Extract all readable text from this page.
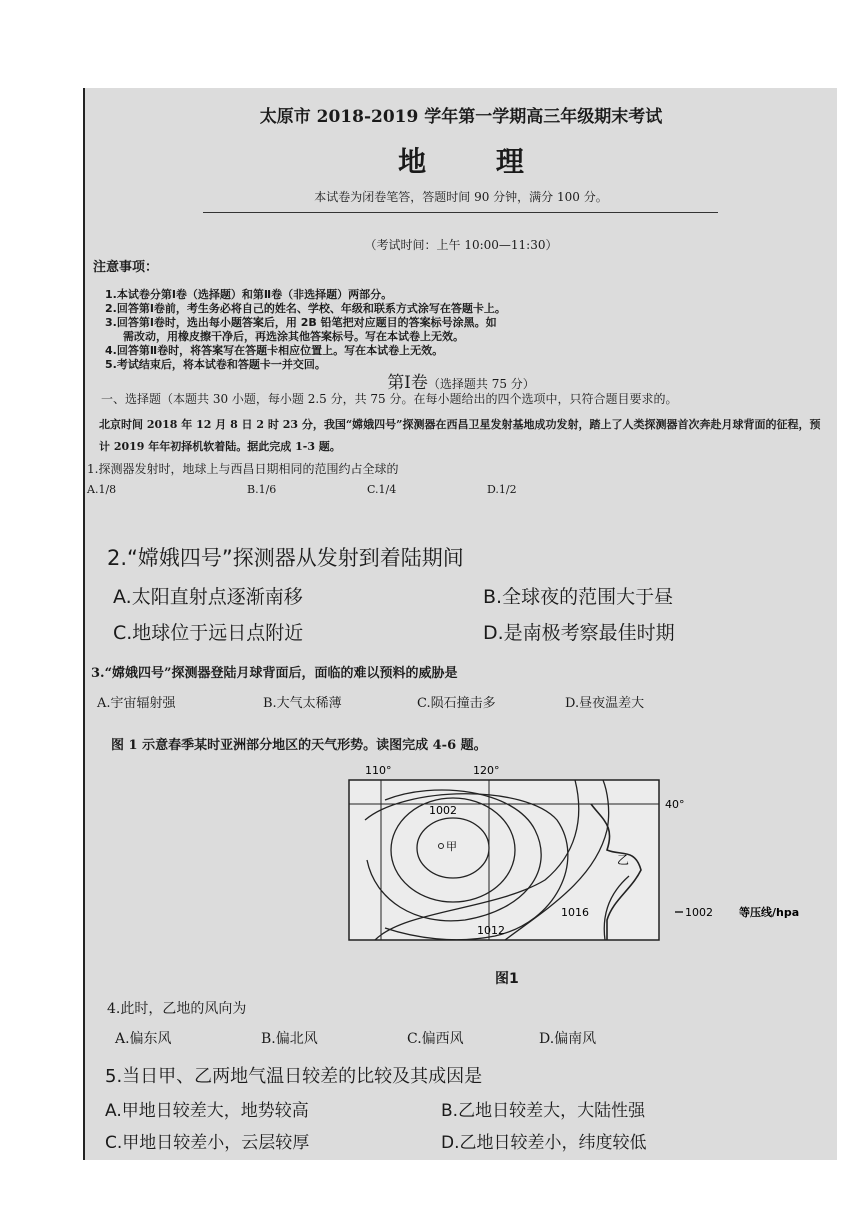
太原市 2018-2019 学年第一学期高三年级期末考试
地 理
本试卷为闭卷笔答，答题时间 90 分钟，满分 100 分。
（考试时间：上午 10:00—11:30）
注意事项：
1.本试卷分第Ⅰ卷（选择题）和第Ⅱ卷（非选择题）两部分。
2.回答第Ⅰ卷前，考生务必将自己的姓名、学校、年级和联系方式涂写在答题卡上。
3.回答第Ⅰ卷时，选出每小题答案后，用 2B 铅笔把对应题目的答案标号涂黑。如
需改动，用橡皮擦干净后，再选涂其他答案标号。写在本试卷上无效。
4.回答第Ⅱ卷时，将答案写在答题卡相应位置上。写在本试卷上无效。
5.考试结束后，将本试卷和答题卡一并交回。
第Ⅰ卷（选择题共 75 分）
一、选择题（本题共 30 小题，每小题 2.5 分，共 75 分。在每小题给出的四个选项中，只符合题目要求的。
北京时间 2018 年 12 月 8 日 2 时 23 分，我国“嫦娥四号”探测器在西昌卫星发射基地成功发射，踏上了人类探测器首次奔赴月球背面的征程，预计 2019 年年初择机软着陆。据此完成 1-3 题。
1.探测器发射时，地球上与西昌日期相同的范围约占全球的
A.1/8	B.1/6	C.1/4	D.1/2
2.“嫦娥四号”探测器从发射到着陆期间
A.太阳直射点逐渐南移	B.全球夜的范围大于昼
C.地球位于远日点附近	D.是南极考察最佳时期
3.“嫦娥四号”探测器登陆月球背面后，面临的难以预料的威胁是
A.宇宙辐射强	B.大气太稀薄	C.陨石撞击多	D.昼夜温差大
图 1 示意春季某时亚洲部分地区的天气形势。读图完成 4-6 题。
110°	120°
1002
甲
乙
1016
1012
40°
1002 等压线/hpa
图1
4.此时，乙地的风向为
A.偏东风	B.偏北风	C.偏西风	D.偏南风
5.当日甲、乙两地气温日较差的比较及其成因是
A.甲地日较差大，地势较高	B.乙地日较差大，大陆性强
C.甲地日较差小，云层较厚	D.乙地日较差小，纬度较低
